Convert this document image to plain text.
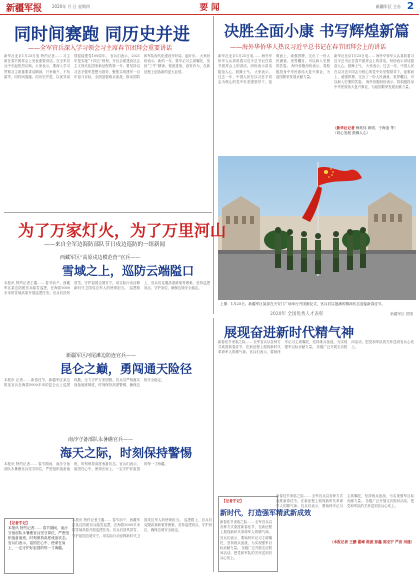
新疆军报 2020年 月 日 星期四	要 闻	新疆军区 主办 2
同时间赛跑 同历史并进
——全军官兵深入学习领会习主席春节团拜会重要讲话

新华社北京1月25日电 特约记者…… 习主席在春节团拜会上发表重要讲话，在全军官兵中引起热烈反响。大家表示，要深入学习贯彻习主席重要讲话精神，只争朝夕、不负韶华，同时间赛跑、同历史并进，以优异成绩迎接建党100周年。 官兵们表示，2021年是实施“十四五”规划、开启全面建设社会主义现代化国家新征程的第一年，要坚持以习近平强军思想为指导，聚焦实现建军一百年奋斗目标，全面加强练兵备战，推动国防和军队现代化建设开好局、起好步。 大家纷纷表示，新的一年，要牢记习主席嘱托，发扬“三牛”精神，锐意进取、奋发有为，在新征程上创造新的更大业绩。

决胜全面小康 书写辉煌新篇
——海外华侨华人热议习近平总书记在春节团拜会上的讲话

新华社北京1月25日电…… 海外华侨华人认真收看习近平总书记在春节团拜会上的讲话，纷纷表示讲话振奋人心、鼓舞士气。 大家表示，过去一年，中国人民在以习近平同志为核心的党中央坚强领导下，迎难而上、顽强拼搏，交出了一份人民满意、世界瞩目、可以载入史册的答卷。 海外侨胞纷纷表示，将积极投身中华民族伟大复兴事业，为祖国繁荣发展贡献力量。

新华社北京1月25日电…… 海外华侨华人认真收看习近平总书记在春节团拜会上的讲话，纷纷表示讲话振奋人心、鼓舞士气。 大家表示，过去一年，中国人民在以习近平同志为核心的党中央坚强领导下，迎难而上、顽强拼搏，交出了一份人民满意、世界瞩目、可以载入史册的答卷。 海外侨胞纷纷表示，将积极投身中华民族伟大复兴事业，为祖国繁荣发展贡献力量。

（新华社记者 梅常伟 黄明、于海浪 等）
（同心发展 鼓舞人心）
上图：1月25日，新疆军区某部在天安门广场举行升国旗仪式，官兵们以饱满的精神状态迎接新春佳节。
新疆军区 供图
为了万家灯火，为了万里河山
——来自全军边海防部队节日戍边巡防的一组新闻
西藏军区“高原戍边模范营”官兵——
雪域之上，巡防云端隘口

本报讯 特约记者王鑫…… 春节前夕，西藏军区某边防团官兵踏雪巡逻，在海拔5000多米的雪域高原开展巡逻任务。官兵们顶风冒雪，守护祖国边境安宁，用实际行动诠释新时代卫国戍边军人的使命担当。 巡逻路上，官兵们克服高寒缺氧等困难，坚持巡逻到点、守护到位，确保边境安全稳定。

新疆军区河尾滩边防连官兵——
昆仑之巅，勇闯通天险径

本报讯 记者…… 新春佳节，新疆军区某边防连官兵在海拔5000多米的昆仑山上巡逻执勤，全力守护万家团圆。官兵们严格落实战备值班制度，时刻保持高度警惕，确保边防安全稳定。

南沙守备部队永暑礁官兵——
海天之际，时刻保持警惕

本报讯 特约记者…… 春节期间，南沙守备部队永暑礁官兵坚守岗位，严密组织战备值班，时刻保持高度戒备状态。官兵们表示，祖国在心中、使命在肩上，一定守护好祖国的每一寸海疆。

【记者手记】
本报讯 特约记者…… 春节期间，南沙守备部队永暑礁官兵坚守岗位，严密组织战备值班，时刻保持高度戒备状态。官兵们表示，祖国在心中、使命在肩上，一定守护好祖国的每一寸海疆。

本报讯 特约记者王鑫…… 春节前夕，西藏军区某边防团官兵踏雪巡逻，在海拔5000多米的雪域高原开展巡逻任务。官兵们顶风冒雪，守护祖国边境安宁，用实际行动诠释新时代卫国戍边军人的使命担当。 巡逻路上，官兵们克服高寒缺氧等困难，坚持巡逻到点、守护到位，确保边境安全稳定。

2020年 全国优秀人才表彰
展现奋进新时代精气神

新春佳节来临之际…… 全军官兵以各种方式欢度新春佳节，在新征程上展现新时代革命军人的精气神。官兵们表示，要始终牢记习主席嘱托，坚持练兵备战，为实现强军目标贡献力量。 各级广泛开展走访慰问活动，把党和军队的关怀送到官兵心坎上。

【记者手记】
新时代，打造强军精武新成效

新春佳节来临之际…… 全军官兵以各种方式欢度新春佳节，在新征程上展现新时代革命军人的精气神。官兵们表示，要始终牢记习主席嘱托，坚持练兵备战，为实现强军目标贡献力量。 各级广泛开展走访慰问活动，把党和军队的关怀送到官兵心坎上。

新春佳节来临之际…… 全军官兵以各种方式欢度新春佳节，在新征程上展现新时代革命军人的精气神。官兵们表示，要始终牢记习主席嘱托，坚持练兵备战，为实现强军目标贡献力量。 各级广泛开展走访慰问活动，把党和军队的关怀送到官兵心坎上。

（本报记者 王鹏 翟峰 陈振 彭鑫 郭龙宇 严亮 刘建）
